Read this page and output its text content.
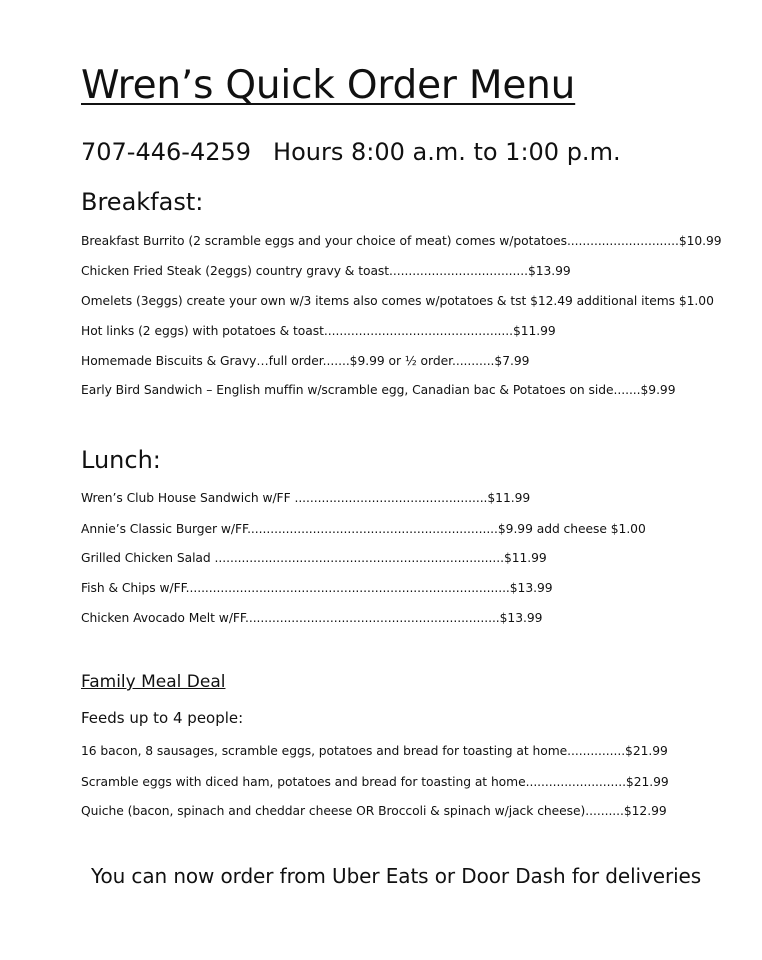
Wren’s Quick Order Menu
707-446-4259 Hours 8:00 a.m. to 1:00 p.m.
Breakfast:
Breakfast Burrito (2 scramble eggs and your choice of meat) comes w/potatoes.............................$10.99
Chicken Fried Steak (2eggs) country gravy & toast....................................$13.99
Omelets (3eggs) create your own w/3 items also comes w/potatoes & tst $12.49 additional items $1.00
Hot links (2 eggs) with potatoes & toast.................................................$11.99
Homemade Biscuits & Gravy…full order.......$9.99 or ½ order...........$7.99
Early Bird Sandwich – English muffin w/scramble egg, Canadian bac & Potatoes on side.......$9.99
Lunch:
Wren’s Club House Sandwich w/FF ..................................................$11.99
Annie’s Classic Burger w/FF.................................................................$9.99 add cheese $1.00
Grilled Chicken Salad ...........................................................................$11.99
Fish & Chips w/FF....................................................................................$13.99
Chicken Avocado Melt w/FF..................................................................$13.99
Family Meal Deal
Feeds up to 4 people:
16 bacon, 8 sausages, scramble eggs, potatoes and bread for toasting at home...............$21.99
Scramble eggs with diced ham, potatoes and bread for toasting at home..........................$21.99
Quiche (bacon, spinach and cheddar cheese OR Broccoli & spinach w/jack cheese)..........$12.99
You can now order from Uber Eats or Door Dash for deliveries
